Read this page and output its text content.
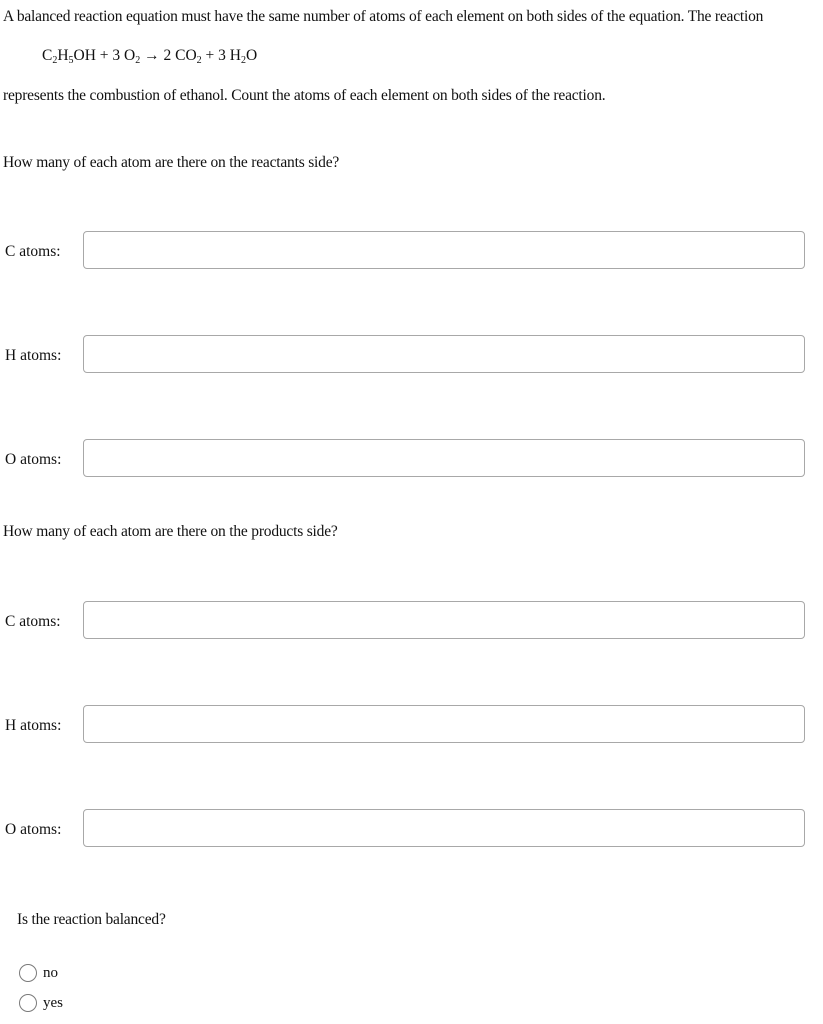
A balanced reaction equation must have the same number of atoms of each element on both sides of the equation. The reaction
$C_2H_5OH + 3$ $O_2 \to 2$ $CO_2 + 3$ $H_2O$
represents the combustion of ethanol. Count the atoms of each element on both sides of the reaction.
How many of each atom are there on the reactants side?
C atoms:
H atoms:
O atoms:
How many of each atom are there on the products side?
C atoms:
H atoms:
O atoms:
Is the reaction balanced?
no
yes
